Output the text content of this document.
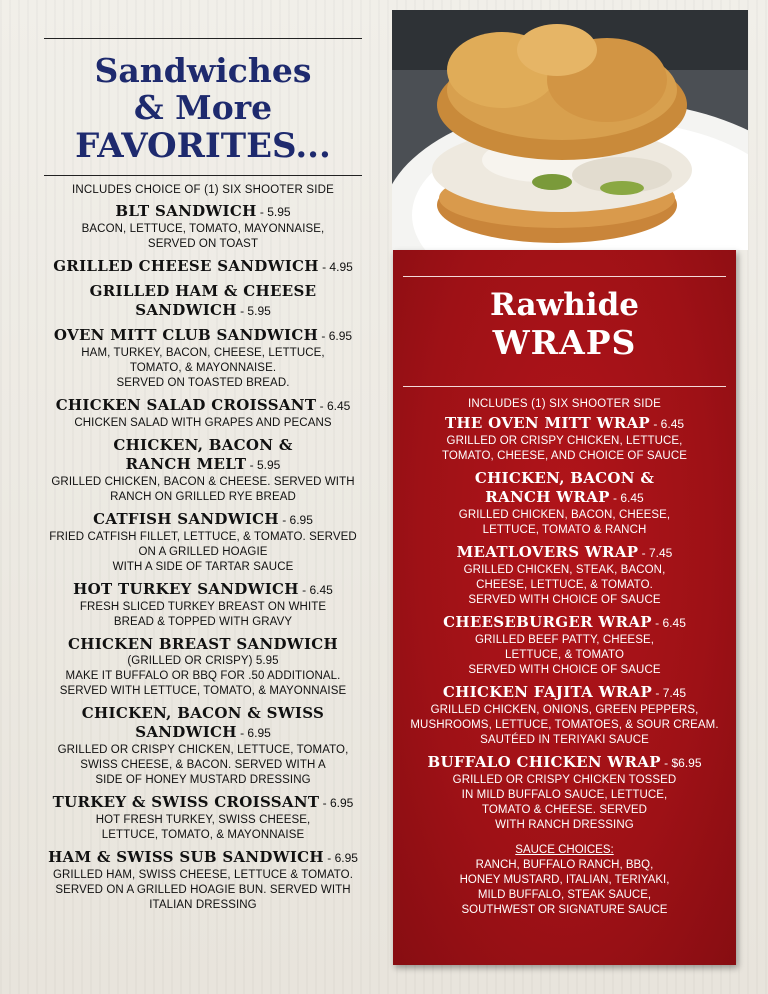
Sandwiches
& More
FAVORITES...
INCLUDES CHOICE OF (1) SIX SHOOTER SIDE
BLT SANDWICH - 5.95
BACON, LETTUCE, TOMATO, MAYONNAISE,
SERVED ON TOAST
GRILLED CHEESE SANDWICH - 4.95
GRILLED HAM & CHEESE
SANDWICH - 5.95
OVEN MITT CLUB SANDWICH - 6.95
HAM, TURKEY, BACON, CHEESE, LETTUCE,
TOMATO, & MAYONNAISE.
SERVED ON TOASTED BREAD.
CHICKEN SALAD CROISSANT - 6.45
CHICKEN SALAD WITH GRAPES AND PECANS
CHICKEN, BACON &
RANCH MELT - 5.95
GRILLED CHICKEN, BACON & CHEESE. SERVED WITH
RANCH ON GRILLED RYE BREAD
CATFISH SANDWICH - 6.95
FRIED CATFISH FILLET, LETTUCE, & TOMATO. SERVED
ON A GRILLED HOAGIE
WITH A SIDE OF TARTAR SAUCE
HOT TURKEY SANDWICH - 6.45
FRESH SLICED TURKEY BREAST ON WHITE
BREAD & TOPPED WITH GRAVY
CHICKEN BREAST SANDWICH
(GRILLED OR CRISPY) 5.95
MAKE IT BUFFALO OR BBQ FOR .50 ADDITIONAL.
SERVED WITH LETTUCE, TOMATO, & MAYONNAISE
CHICKEN, BACON & SWISS
SANDWICH - 6.95
GRILLED OR CRISPY CHICKEN, LETTUCE, TOMATO,
SWISS CHEESE, & BACON. SERVED WITH A
SIDE OF HONEY MUSTARD DRESSING
TURKEY & SWISS CROISSANT - 6.95
HOT FRESH TURKEY, SWISS CHEESE,
LETTUCE, TOMATO, & MAYONNAISE
HAM & SWISS SUB SANDWICH - 6.95
GRILLED HAM, SWISS CHEESE, LETTUCE & TOMATO.
SERVED ON A GRILLED HOAGIE BUN. SERVED WITH
ITALIAN DRESSING
Rawhide
WRAPS
INCLUDES (1) SIX SHOOTER SIDE
THE OVEN MITT WRAP - 6.45
GRILLED OR CRISPY CHICKEN, LETTUCE,
TOMATO, CHEESE, AND CHOICE OF SAUCE
CHICKEN, BACON &
RANCH WRAP - 6.45
GRILLED CHICKEN, BACON, CHEESE,
LETTUCE, TOMATO & RANCH
MEATLOVERS WRAP - 7.45
GRILLED CHICKEN, STEAK, BACON,
CHEESE, LETTUCE, & TOMATO.
SERVED WITH CHOICE OF SAUCE
CHEESEBURGER WRAP - 6.45
GRILLED BEEF PATTY, CHEESE,
LETTUCE, & TOMATO
SERVED WITH CHOICE OF SAUCE
CHICKEN FAJITA WRAP - 7.45
GRILLED CHICKEN, ONIONS, GREEN PEPPERS,
MUSHROOMS, LETTUCE, TOMATOES, & SOUR CREAM.
SAUTÉED IN TERIYAKI SAUCE
BUFFALO CHICKEN WRAP - $6.95
GRILLED OR CRISPY CHICKEN TOSSED
IN MILD BUFFALO SAUCE, LETTUCE,
TOMATO & CHEESE. SERVED
WITH RANCH DRESSING
SAUCE CHOICES:
RANCH, BUFFALO RANCH, BBQ,
HONEY MUSTARD, ITALIAN, TERIYAKI,
MILD BUFFALO, STEAK SAUCE,
SOUTHWEST OR SIGNATURE SAUCE
